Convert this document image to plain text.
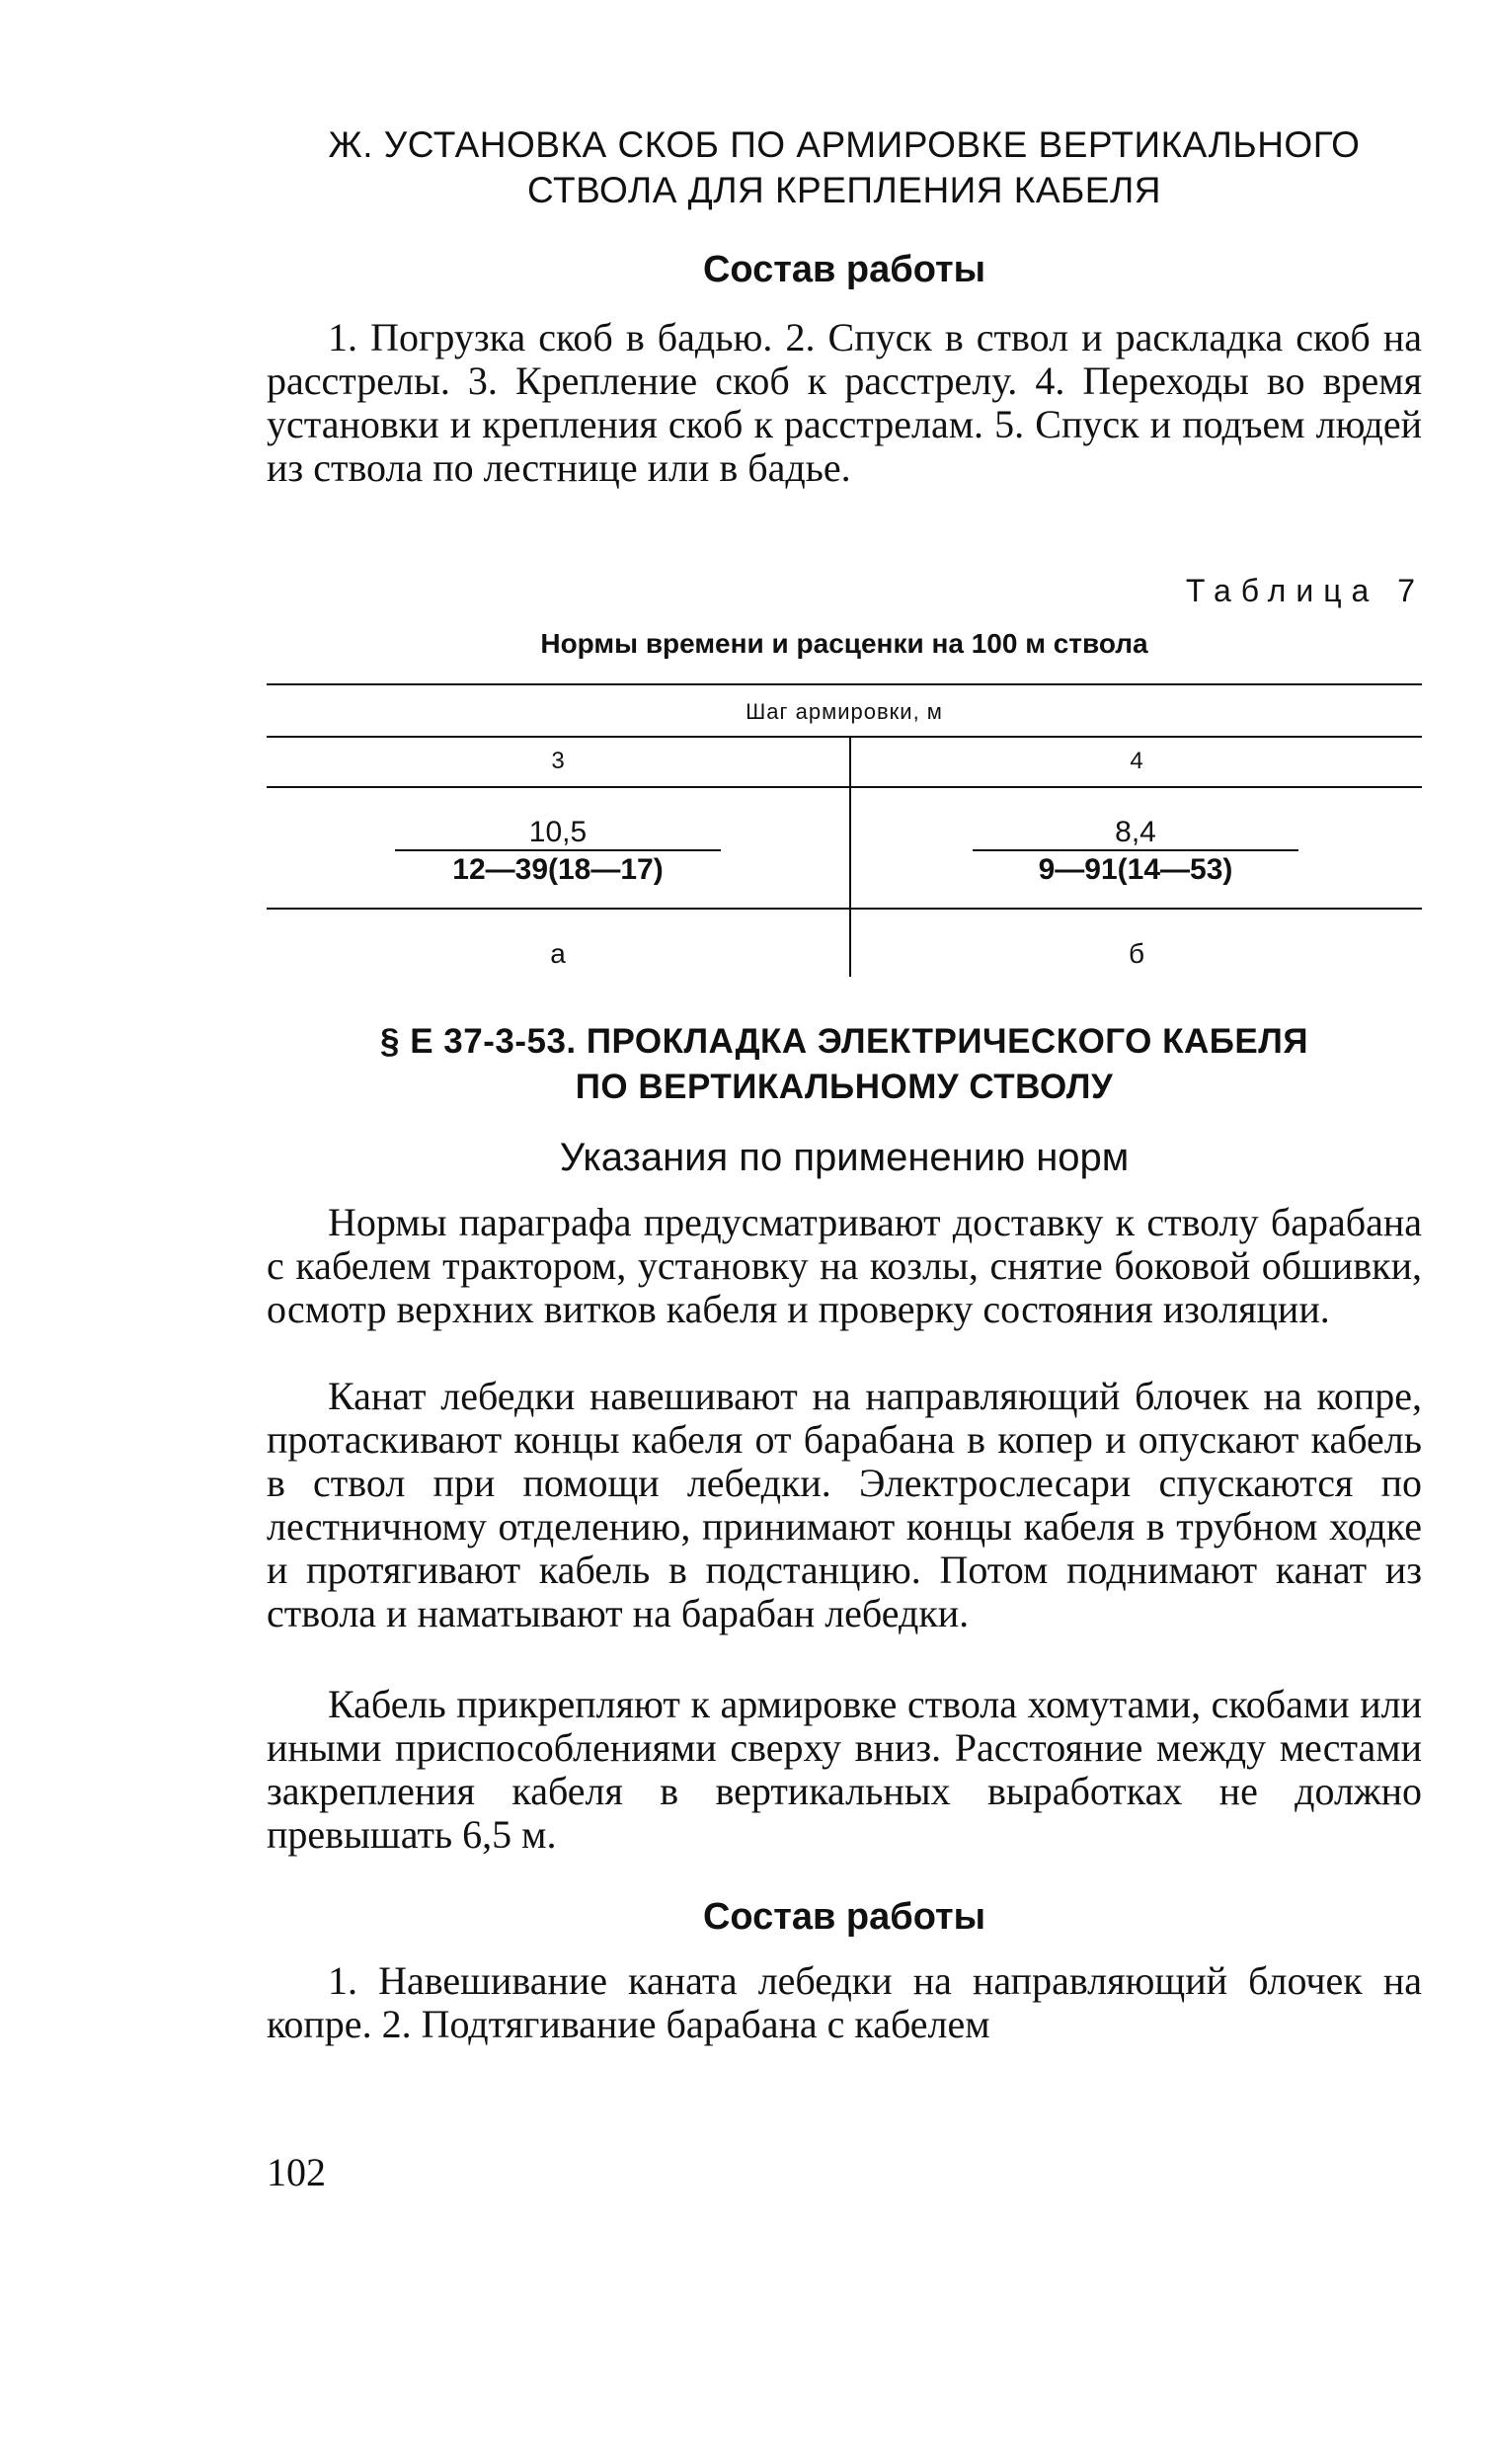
Ж. УСТАНОВКА СКОБ ПО АРМИРОВКЕ ВЕРТИКАЛЬНОГО
СТВОЛА ДЛЯ КРЕПЛЕНИЯ КАБЕЛЯ
Состав работы

1. Погрузка скоб в бадью. 2. Спуск в ствол и раскладка скоб на расстрелы. 3. Крепление скоб к расстрелу. 4. Переходы во время установки и крепления скоб к расстрелам. 5. Спуск и подъем людей из ствола по лестнице или в бадье.

Таблица 7
Нормы времени и расценки на 100 м ствола
Шаг армировки, м
3	4
$\frac{10,5}{12—39(18—17)}$	$\frac{8,4}{9—91(14—53)}$
а	б
§ Е 37-3-53. ПРОКЛАДКА ЭЛЕКТРИЧЕСКОГО КАБЕЛЯ
ПО ВЕРТИКАЛЬНОМУ СТВОЛУ
Указания по применению норм

Нормы параграфа предусматривают доставку к стволу барабана с кабелем трактором, установку на козлы, снятие боковой обшивки, осмотр верхних витков кабеля и проверку состояния изоляции.

Канат лебедки навешивают на направляющий блочек на копре, протаскивают концы кабеля от барабана в копер и опускают кабель в ствол при помощи лебедки. Электрослесари спускаются по лестничному отделению, принимают концы кабеля в трубном ходке и протягивают кабель в подстанцию. Потом поднимают канат из ствола и наматывают на барабан лебедки.

Кабель прикрепляют к армировке ствола хомутами, скобами или иными приспособлениями сверху вниз. Расстояние между местами закрепления кабеля в вертикальных выработках не должно превышать 6,5 м.

Состав работы

1. Навешивание каната лебедки на направляющий блочек на копре. 2. Подтягивание барабана с кабелем

102
